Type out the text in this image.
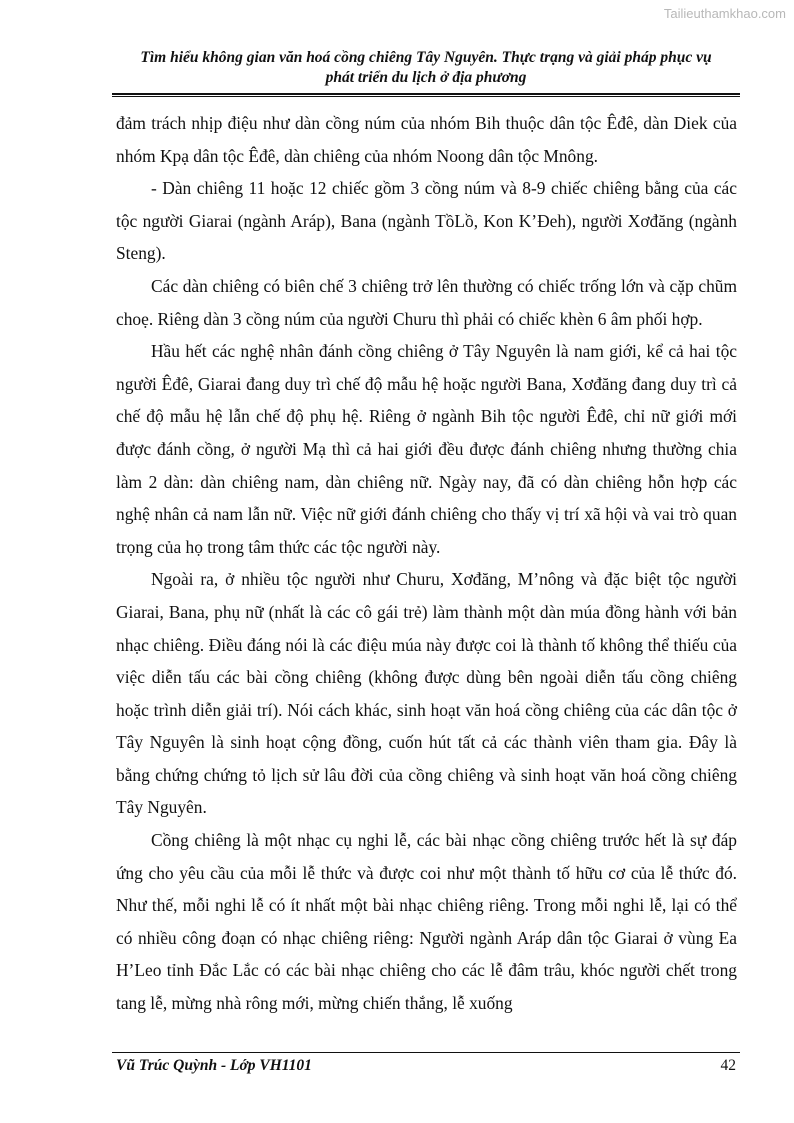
Tailieuthamkhao.com
Tìm hiểu không gian văn hoá cồng chiêng Tây Nguyên. Thực trạng và giải pháp phục vụ
phát triển du lịch ở địa phương

đảm trách nhịp điệu như dàn cồng núm của nhóm Bih thuộc dân tộc Êđê, dàn Diek của nhóm Kpạ dân tộc Êđê, dàn chiêng của nhóm Noong dân tộc Mnông.

- Dàn chiêng 11 hoặc 12 chiếc gồm 3 cồng núm và 8-9 chiếc chiêng bằng của các tộc người Giarai (ngành Aráp), Bana (ngành TồLồ, Kon K’Đeh), người Xơđăng (ngành Steng).

Các dàn chiêng có biên chế 3 chiêng trở lên thường có chiếc trống lớn và cặp chũm choẹ. Riêng dàn 3 cồng núm của người Churu thì phải có chiếc khèn 6 âm phối hợp.

Hầu hết các nghệ nhân đánh cồng chiêng ở Tây Nguyên là nam giới, kể cả hai tộc người Êđê, Giarai đang duy trì chế độ mẫu hệ hoặc người Bana, Xơđăng đang duy trì cả chế độ mẫu hệ lẫn chế độ phụ hệ. Riêng ở ngành Bih tộc người Êđê, chỉ nữ giới mới được đánh cồng, ở người Mạ thì cả hai giới đều được đánh chiêng nhưng thường chia làm 2 dàn: dàn chiêng nam, dàn chiêng nữ. Ngày nay, đã có dàn chiêng hỗn hợp các nghệ nhân cả nam lẫn nữ. Việc nữ giới đánh chiêng cho thấy vị trí xã hội và vai trò quan trọng của họ trong tâm thức các tộc người này.

Ngoài ra, ở nhiều tộc người như Churu, Xơđăng, M’nông và đặc biệt tộc người Giarai, Bana, phụ nữ (nhất là các cô gái trẻ) làm thành một dàn múa đồng hành với bản nhạc chiêng. Điều đáng nói là các điệu múa này được coi là thành tố không thể thiếu của việc diễn tấu các bài cồng chiêng (không được dùng bên ngoài diễn tấu cồng chiêng hoặc trình diễn giải trí). Nói cách khác, sinh hoạt văn hoá cồng chiêng của các dân tộc ở Tây Nguyên là sinh hoạt cộng đồng, cuốn hút tất cả các thành viên tham gia. Đây là bằng chứng chứng tỏ lịch sử lâu đời của cồng chiêng và sinh hoạt văn hoá cồng chiêng Tây Nguyên.

Cồng chiêng là một nhạc cụ nghi lễ, các bài nhạc cồng chiêng trước hết là sự đáp ứng cho yêu cầu của mỗi lễ thức và được coi như một thành tố hữu cơ của lễ thức đó. Như thế, mỗi nghi lễ có ít nhất một bài nhạc chiêng riêng. Trong mỗi nghi lễ, lại có thể có nhiều công đoạn có nhạc chiêng riêng: Người ngành Aráp dân tộc Giarai ở vùng Ea H’Leo tỉnh Đắc Lắc có các bài nhạc chiêng cho các lễ đâm trâu, khóc người chết trong tang lễ, mừng nhà rông mới, mừng chiến thắng, lễ xuống

Vũ Trúc Quỳnh - Lớp VH1101	42
